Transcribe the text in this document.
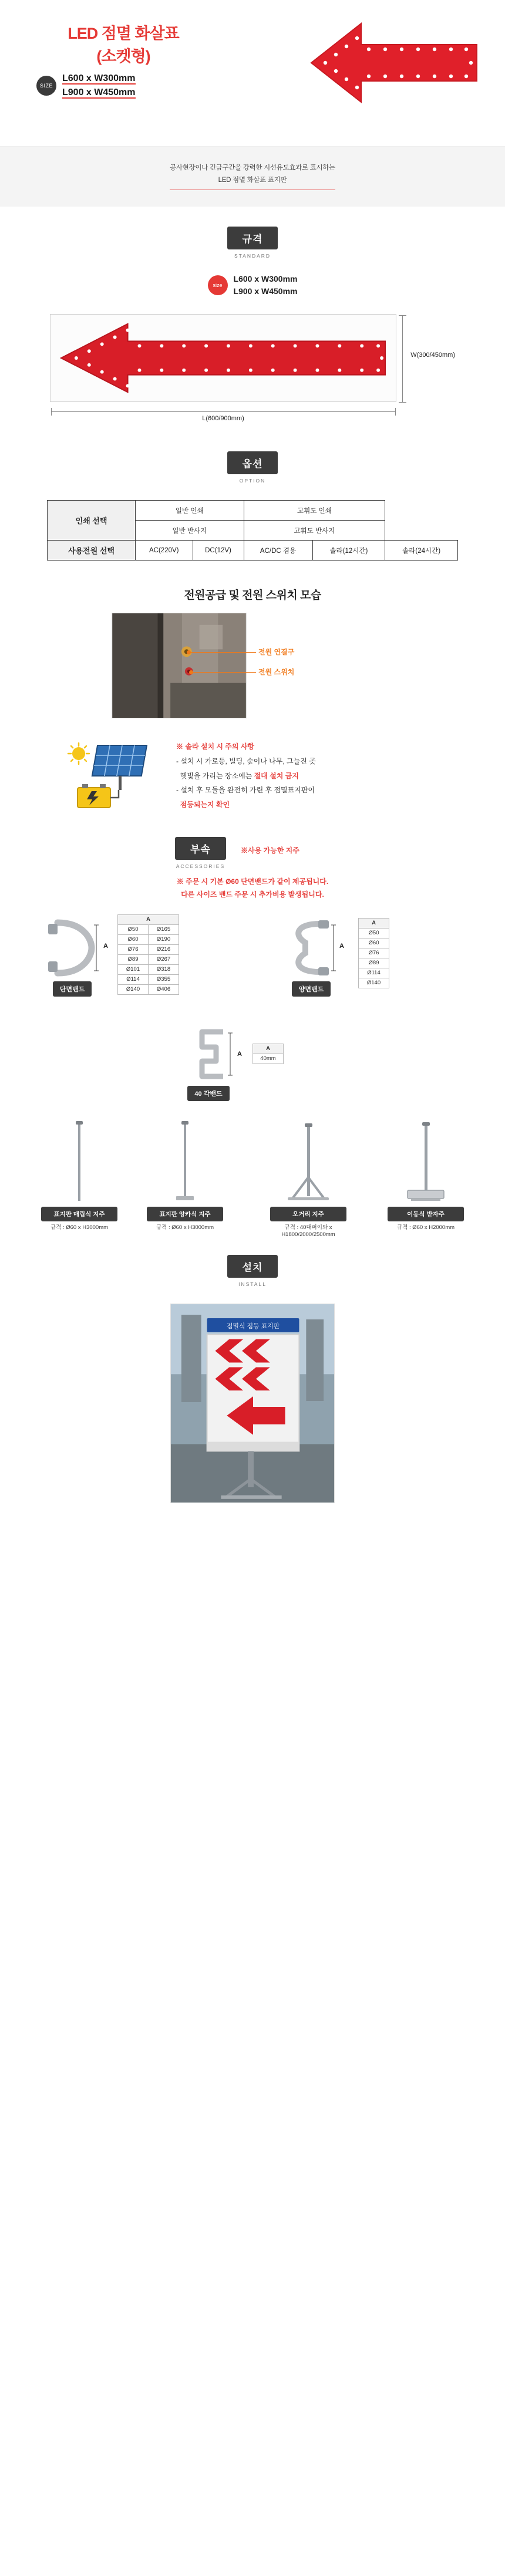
LED 점멸 화살표
(소켓형)
SIZE
L600 x W300mm
L900 x W450mm
공사현장이나 긴급구간을 강력한 시선유도효과로 표시하는
LED 점멸 화살표 표지판
규격
STANDARD
size
L600 x W300mm
L900 x W450mm
W(300/450mm)
L(600/900mm)
옵션
OPTION
인쇄 선택	일반 인쇄		고휘도 인쇄		
	일반 반사지		고휘도 반사지		
사용전원 선택	AC(220V)	DC(12V)	AC/DC 겸용	솔라(12시간)	솔라(24시간)
전원공급 및 전원 스위치 모습
전원 연결구
전원 스위치
※ 솔라 설치 시 주의 사항
- 설치 시 가로등, 빌딩, 숲이나 나무, 그늘진 곳
햇빛을 가리는 장소에는 절대 설치 금지
- 설치 후 모듈을 완전히 가린 후 점멸표지판이
점등되는지 확인
부속
ACCESSORIES
※사용 가능한 지주
※ 주문 시 기본 Ø60 단면밴드가 같이 제공됩니다.
다른 사이즈 밴드 주문 시 추가비용 발생됩니다.
A
단면밴드
A	
Ø50	Ø165
Ø60	Ø190
Ø76	Ø216
Ø89	Ø267
Ø101	Ø318
Ø114	Ø355
Ø140	Ø406
A
양면밴드
A
Ø50
Ø60
Ø76
Ø89
Ø114
Ø140
A
A
40mm
40 각밴드
표지판 매립식 지주
규격 : Ø60 x H3000mm
표지판 앙카식 지주
규격 : Ø60 x H3000mm
오거리 지주
규격 : 40대퍼이와 x
H1800/2000/2500mm
이동식 받자주
규격 : Ø60 x H2000mm
설치
INSTALL
점멸식 점등 표지판
